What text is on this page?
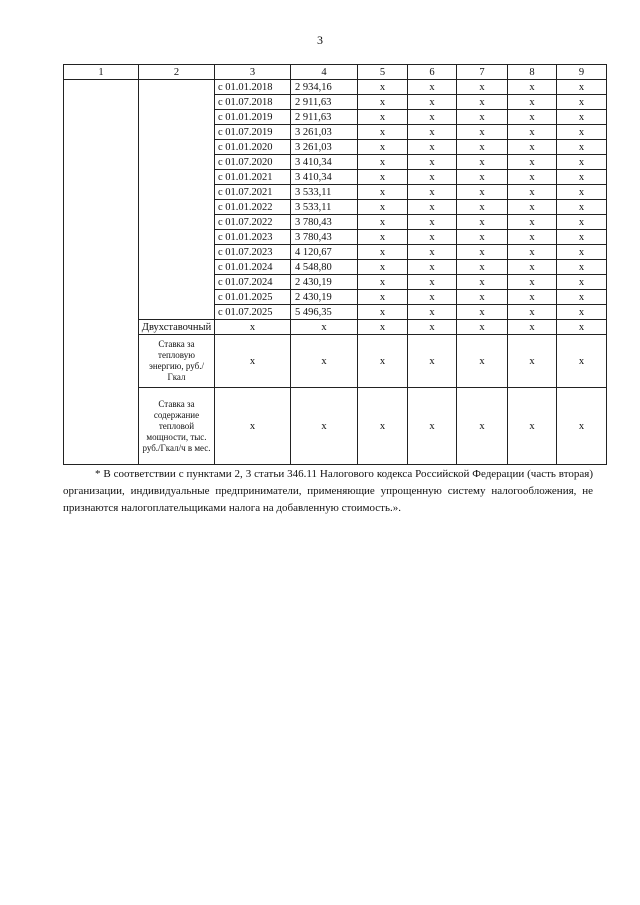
3
1	2	3	4	5	6	7	8	9
		с 01.01.2018	2 934,16	х	х	х	х	х
		с 01.07.2018	2 911,63	х	х	х	х	х
		с 01.01.2019	2 911,63	х	х	х	х	х
		с 01.07.2019	3 261,03	х	х	х	х	х
		с 01.01.2020	3 261,03	х	х	х	х	х
		с 01.07.2020	3 410,34	х	х	х	х	х
		с 01.01.2021	3 410,34	х	х	х	х	х
		с 01.07.2021	3 533,11	х	х	х	х	х
		с 01.01.2022	3 533,11	х	х	х	х	х
		с 01.07.2022	3 780,43	х	х	х	х	х
		с 01.01.2023	3 780,43	х	х	х	х	х
		с 01.07.2023	4 120,67	х	х	х	х	х
		с 01.01.2024	4 548,80	х	х	х	х	х
		с 01.07.2024	2 430,19	х	х	х	х	х
		с 01.01.2025	2 430,19	х	х	х	х	х
		с 01.07.2025	5 496,35	х	х	х	х	х
	Двухставочный	х	х	х	х	х	х	х
	Ставка за тепловую энергию, руб./Гкал	х	х	х	х	х	х	х
	Ставка за содержание тепловой мощности, тыс. руб./Гкал/ч в мес.	х	х	х	х	х	х	х
* В соответствии с пунктами 2, 3 статьи 346.11 Налогового кодекса Российской Федерации (часть вторая) организации, индивидуальные предприниматели, применяющие упрощенную систему налогообложения, не признаются налогоплательщиками налога на добавленную стоимость.».
